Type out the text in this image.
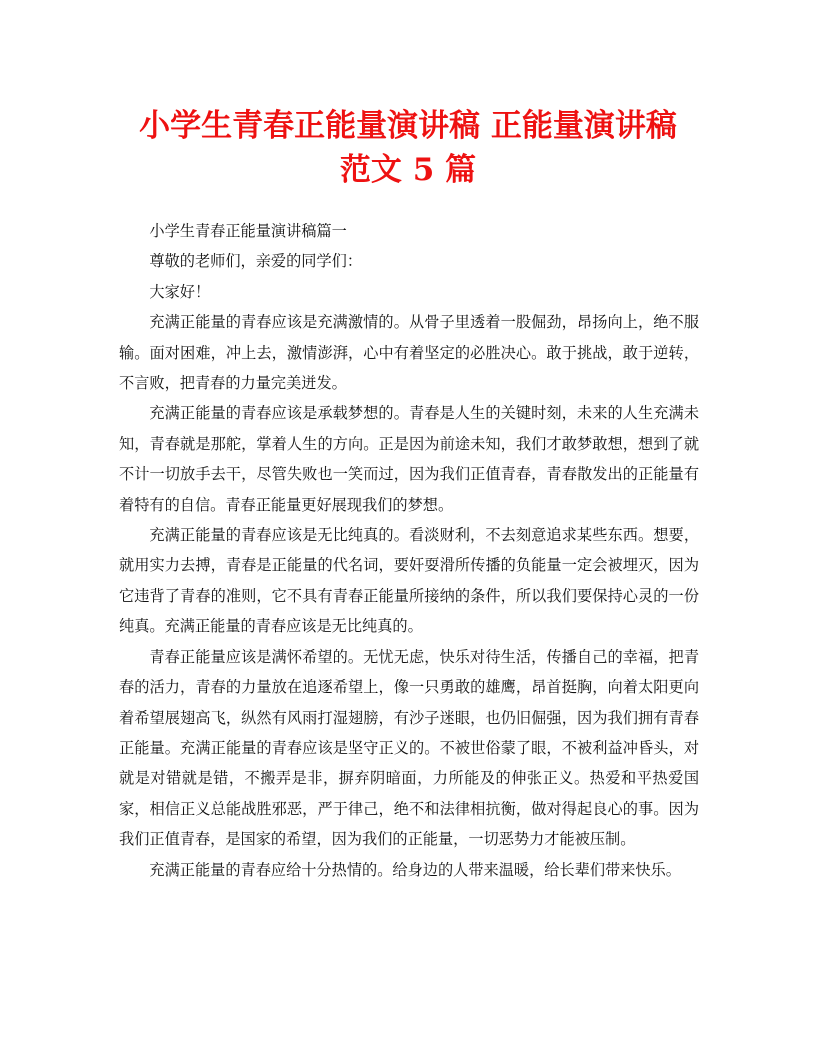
小学生青春正能量演讲稿 正能量演讲稿
范文 5 篇

小学生青春正能量演讲稿篇一

尊敬的老师们，亲爱的同学们：

大家好！

充满正能量的青春应该是充满激情的。从骨子里透着一股倔劲，昂扬向上，绝不服输。面对困难，冲上去，激情澎湃，心中有着坚定的必胜决心。敢于挑战，敢于逆转，不言败，把青春的力量完美迸发。

充满正能量的青春应该是承载梦想的。青春是人生的关键时刻，未来的人生充满未知，青春就是那舵，掌着人生的方向。正是因为前途未知，我们才敢梦敢想，想到了就不计一切放手去干，尽管失败也一笑而过，因为我们正值青春，青春散发出的正能量有着特有的自信。青春正能量更好展现我们的梦想。

充满正能量的青春应该是无比纯真的。看淡财利，不去刻意追求某些东西。想要，就用实力去搏，青春是正能量的代名词，要奸耍滑所传播的负能量一定会被埋灭，因为它违背了青春的准则，它不具有青春正能量所接纳的条件，所以我们要保持心灵的一份纯真。充满正能量的青春应该是无比纯真的。

青春正能量应该是满怀希望的。无忧无虑，快乐对待生活，传播自己的幸福，把青春的活力，青春的力量放在追逐希望上，像一只勇敢的雄鹰，昂首挺胸，向着太阳更向着希望展翅高飞，纵然有风雨打湿翅膀，有沙子迷眼，也仍旧倔强，因为我们拥有青春正能量。充满正能量的青春应该是坚守正义的。不被世俗蒙了眼，不被利益冲昏头，对就是对错就是错，不搬弄是非，摒弃阴暗面，力所能及的伸张正义。热爱和平热爱国家，相信正义总能战胜邪恶，严于律己，绝不和法律相抗衡，做对得起良心的事。因为我们正值青春，是国家的希望，因为我们的正能量，一切恶势力才能被压制。

充满正能量的青春应给十分热情的。给身边的人带来温暖，给长辈们带来快乐。
